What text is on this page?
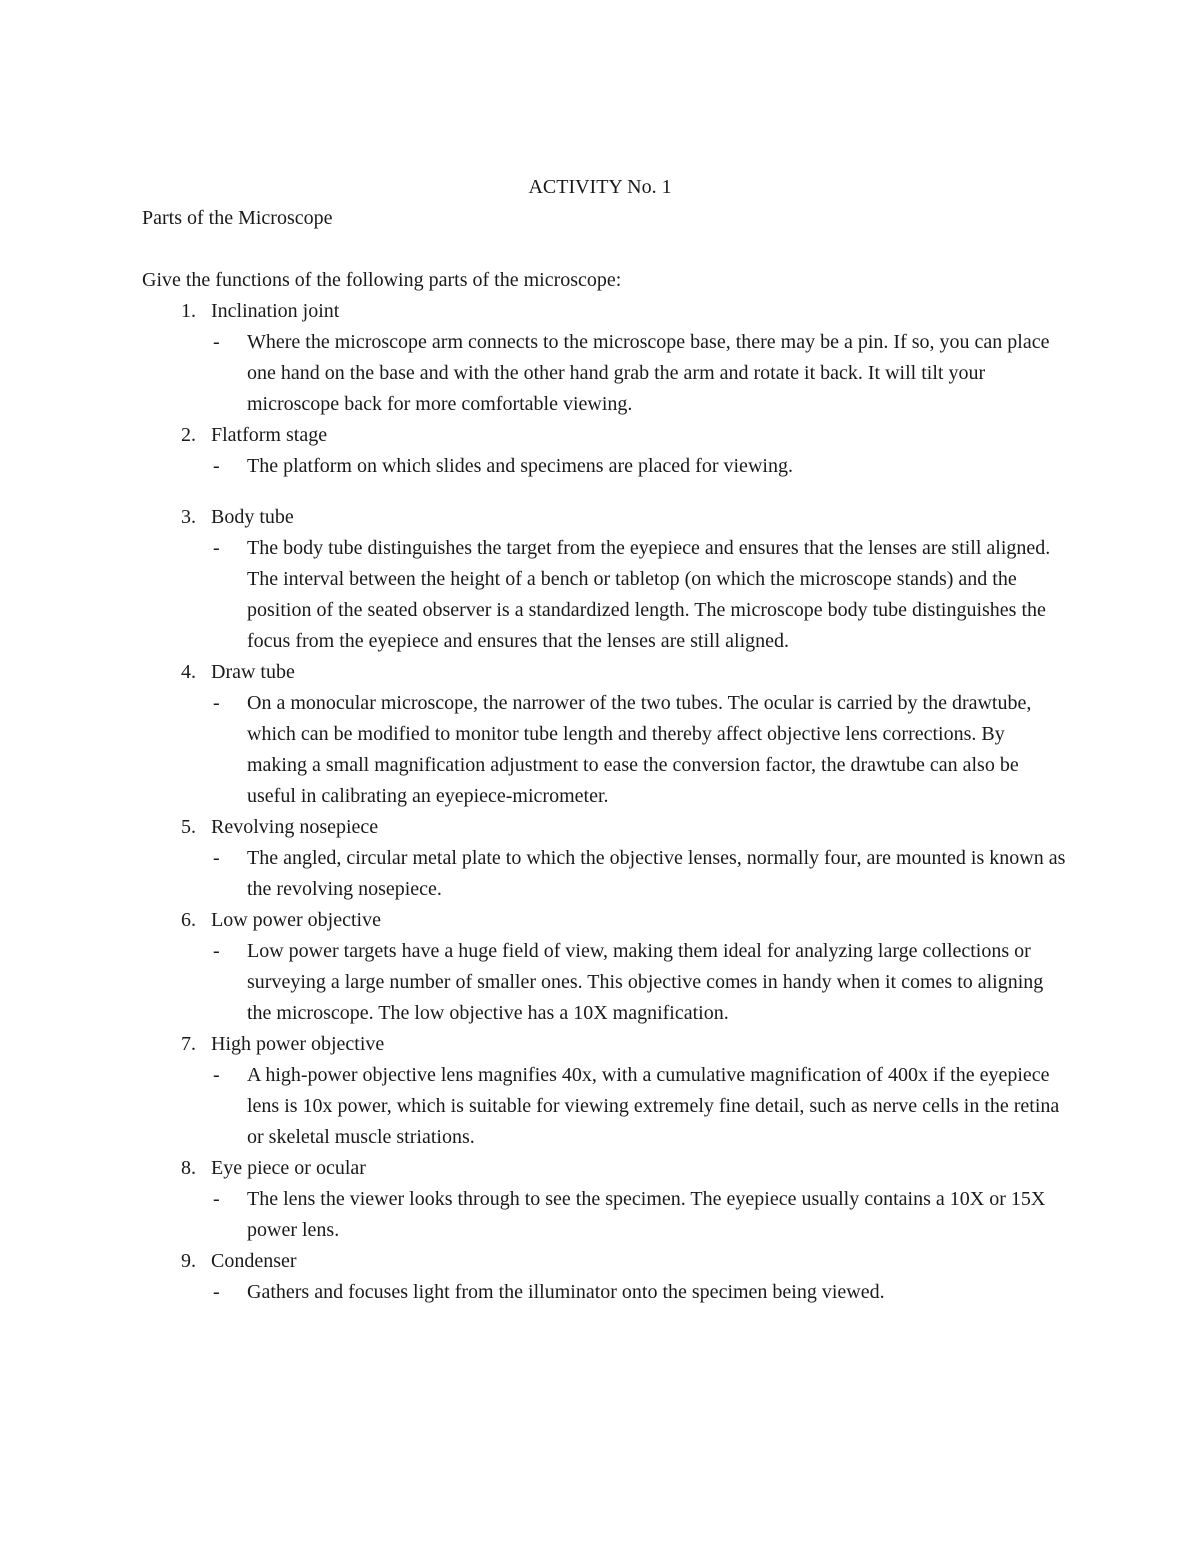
ACTIVITY No. 1
Parts of the Microscope
Give the functions of the following parts of the microscope:
1. Inclination joint
- Where the microscope arm connects to the microscope base, there may be a pin. If so, you can place one hand on the base and with the other hand grab the arm and rotate it back. It will tilt your microscope back for more comfortable viewing.
2. Flatform stage
- The platform on which slides and specimens are placed for viewing.
3. Body tube
- The body tube distinguishes the target from the eyepiece and ensures that the lenses are still aligned. The interval between the height of a bench or tabletop (on which the microscope stands) and the position of the seated observer is a standardized length. The microscope body tube distinguishes the focus from the eyepiece and ensures that the lenses are still aligned.
4. Draw tube
- On a monocular microscope, the narrower of the two tubes. The ocular is carried by the drawtube, which can be modified to monitor tube length and thereby affect objective lens corrections. By making a small magnification adjustment to ease the conversion factor, the drawtube can also be useful in calibrating an eyepiece-micrometer.
5. Revolving nosepiece
- The angled, circular metal plate to which the objective lenses, normally four, are mounted is known as the revolving nosepiece.
6. Low power objective
- Low power targets have a huge field of view, making them ideal for analyzing large collections or surveying a large number of smaller ones. This objective comes in handy when it comes to aligning the microscope. The low objective has a 10X magnification.
7. High power objective
- A high-power objective lens magnifies 40x, with a cumulative magnification of 400x if the eyepiece lens is 10x power, which is suitable for viewing extremely fine detail, such as nerve cells in the retina or skeletal muscle striations.
8. Eye piece or ocular
- The lens the viewer looks through to see the specimen. The eyepiece usually contains a 10X or 15X power lens.
9. Condenser
- Gathers and focuses light from the illuminator onto the specimen being viewed.
